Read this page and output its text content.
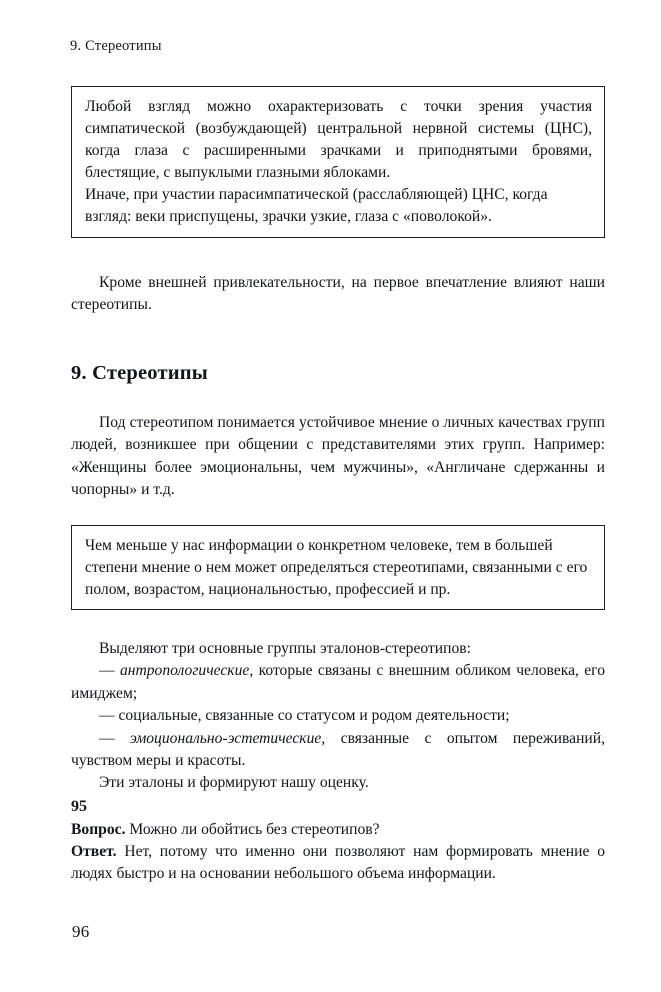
9. Стереотипы

Любой взгляд можно охарактеризовать с точки зрения участия симпатической (возбуждающей) центральной нервной системы (ЦНС), когда глаза с расширенными зрачками и приподнятыми бровями, блестящие, с выпуклыми глазными яблоками.

Иначе, при участии парасимпатической (расслабляющей) ЦНС, когда взгляд: веки приспущены, зрачки узкие, глаза с «поволокой».

Кроме внешней привлекательности, на первое впечатление влияют наши стереотипы.

9. Стереотипы

Под стереотипом понимается устойчивое мнение о личных качествах групп людей, возникшее при общении с представителями этих групп. Например: «Женщины более эмоциональны, чем мужчины», «Англичане сдержанны и чопорны» и т.д.

Чем меньше у нас информации о конкретном человеке, тем в большей степени мнение о нем может определяться стереотипами, связанными с его полом, возрастом, национальностью, профессией и пр.

Выделяют три основные группы эталонов-стереотипов:

— антропологические, которые связаны с внешним обликом человека, его имиджем;

— социальные, связанные со статусом и родом деятельности;

— эмоционально-эстетические, связанные с опытом переживаний, чувством меры и красоты.

Эти эталоны и формируют нашу оценку.

95

Вопрос. Можно ли обойтись без стереотипов?

Ответ. Нет, потому что именно они позволяют нам формировать мнение о людях быстро и на основании небольшого объема информации.

96
